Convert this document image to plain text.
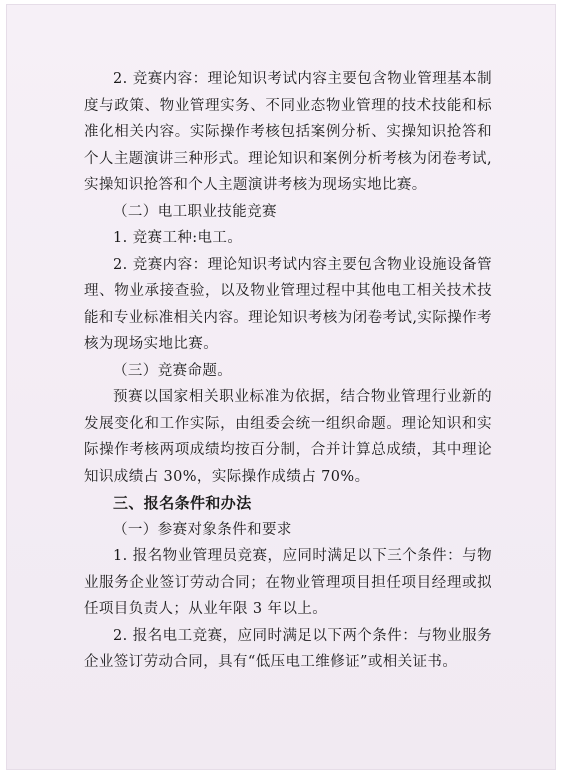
2. 竞赛内容：理论知识考试内容主要包含物业管理基本制度与政策、物业管理实务、不同业态物业管理的技术技能和标准化相关内容。实际操作考核包括案例分析、实操知识抢答和个人主题演讲三种形式。理论知识和案例分析考核为闭卷考试,实操知识抢答和个人主题演讲考核为现场实地比赛。

（二）电工职业技能竞赛

1. 竞赛工种:电工。

2. 竞赛内容：理论知识考试内容主要包含物业设施设备管理、物业承接查验，以及物业管理过程中其他电工相关技术技能和专业标准相关内容。理论知识考核为闭卷考试,实际操作考核为现场实地比赛。

（三）竞赛命题。

预赛以国家相关职业标准为依据，结合物业管理行业新的发展变化和工作实际，由组委会统一组织命题。理论知识和实际操作考核两项成绩均按百分制，合并计算总成绩，其中理论知识成绩占 30%，实际操作成绩占 70%。

三、报名条件和办法

（一）参赛对象条件和要求

1. 报名物业管理员竞赛，应同时满足以下三个条件：与物业服务企业签订劳动合同；在物业管理项目担任项目经理或拟任项目负责人；从业年限 3 年以上。

2. 报名电工竞赛，应同时满足以下两个条件：与物业服务企业签订劳动合同，具有“低压电工维修证”或相关证书。
